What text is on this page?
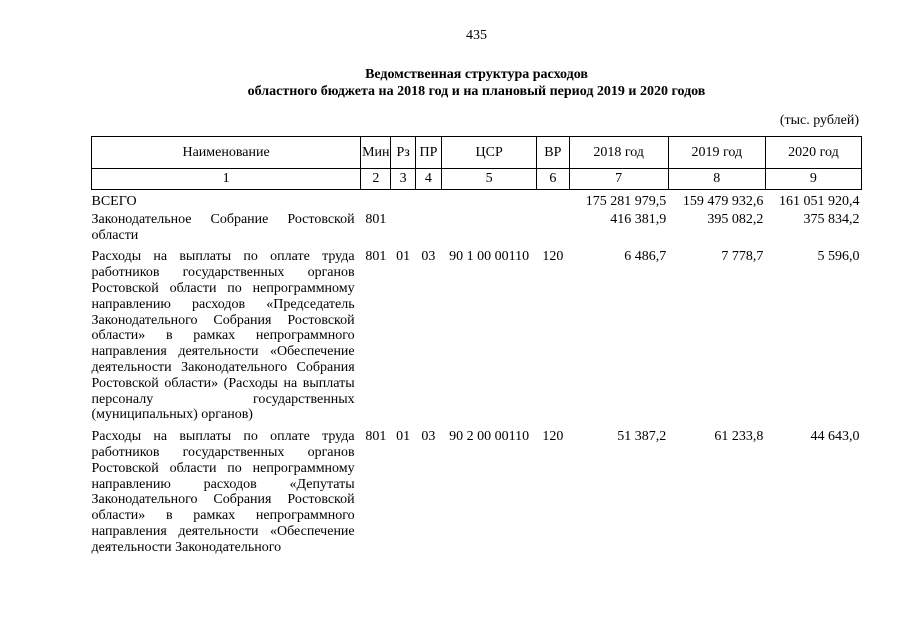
435
Ведомственная структура расходов
областного бюджета на 2018 год и на плановый период 2019 и 2020 годов
(тыс. рублей)
Наименование	Мин	Рз	ПР	ЦСР	ВР	2018 год	2019 год	2020 год
1	2	3	4	5	6	7	8	9
ВСЕГО						175 281 979,5	159 479 932,6	161 051 920,4
Законодательное Собрание Ростовской области	801					416 381,9	395 082,2	375 834,2
Расходы на выплаты по оплате труда работников государственных органов Ростовской области по непрограммному направлению расходов «Председатель Законодательного Собрания Ростовской области» в рамках непрограммного направления деятельности «Обеспечение деятельности Законодательного Собрания Ростовской области» (Расходы на выплаты персоналу государственных (муниципальных) органов)	801	01	03	90 1 00 00110	120	6 486,7	7 778,7	5 596,0
Расходы на выплаты по оплате труда работников государственных органов Ростовской области по непрограммному направлению расходов «Депутаты Законодательного Собрания Ростовской области» в рамках непрограммного направления деятельности «Обеспечение деятельности Законодательного	801	01	03	90 2 00 00110	120	51 387,2	61 233,8	44 643,0
